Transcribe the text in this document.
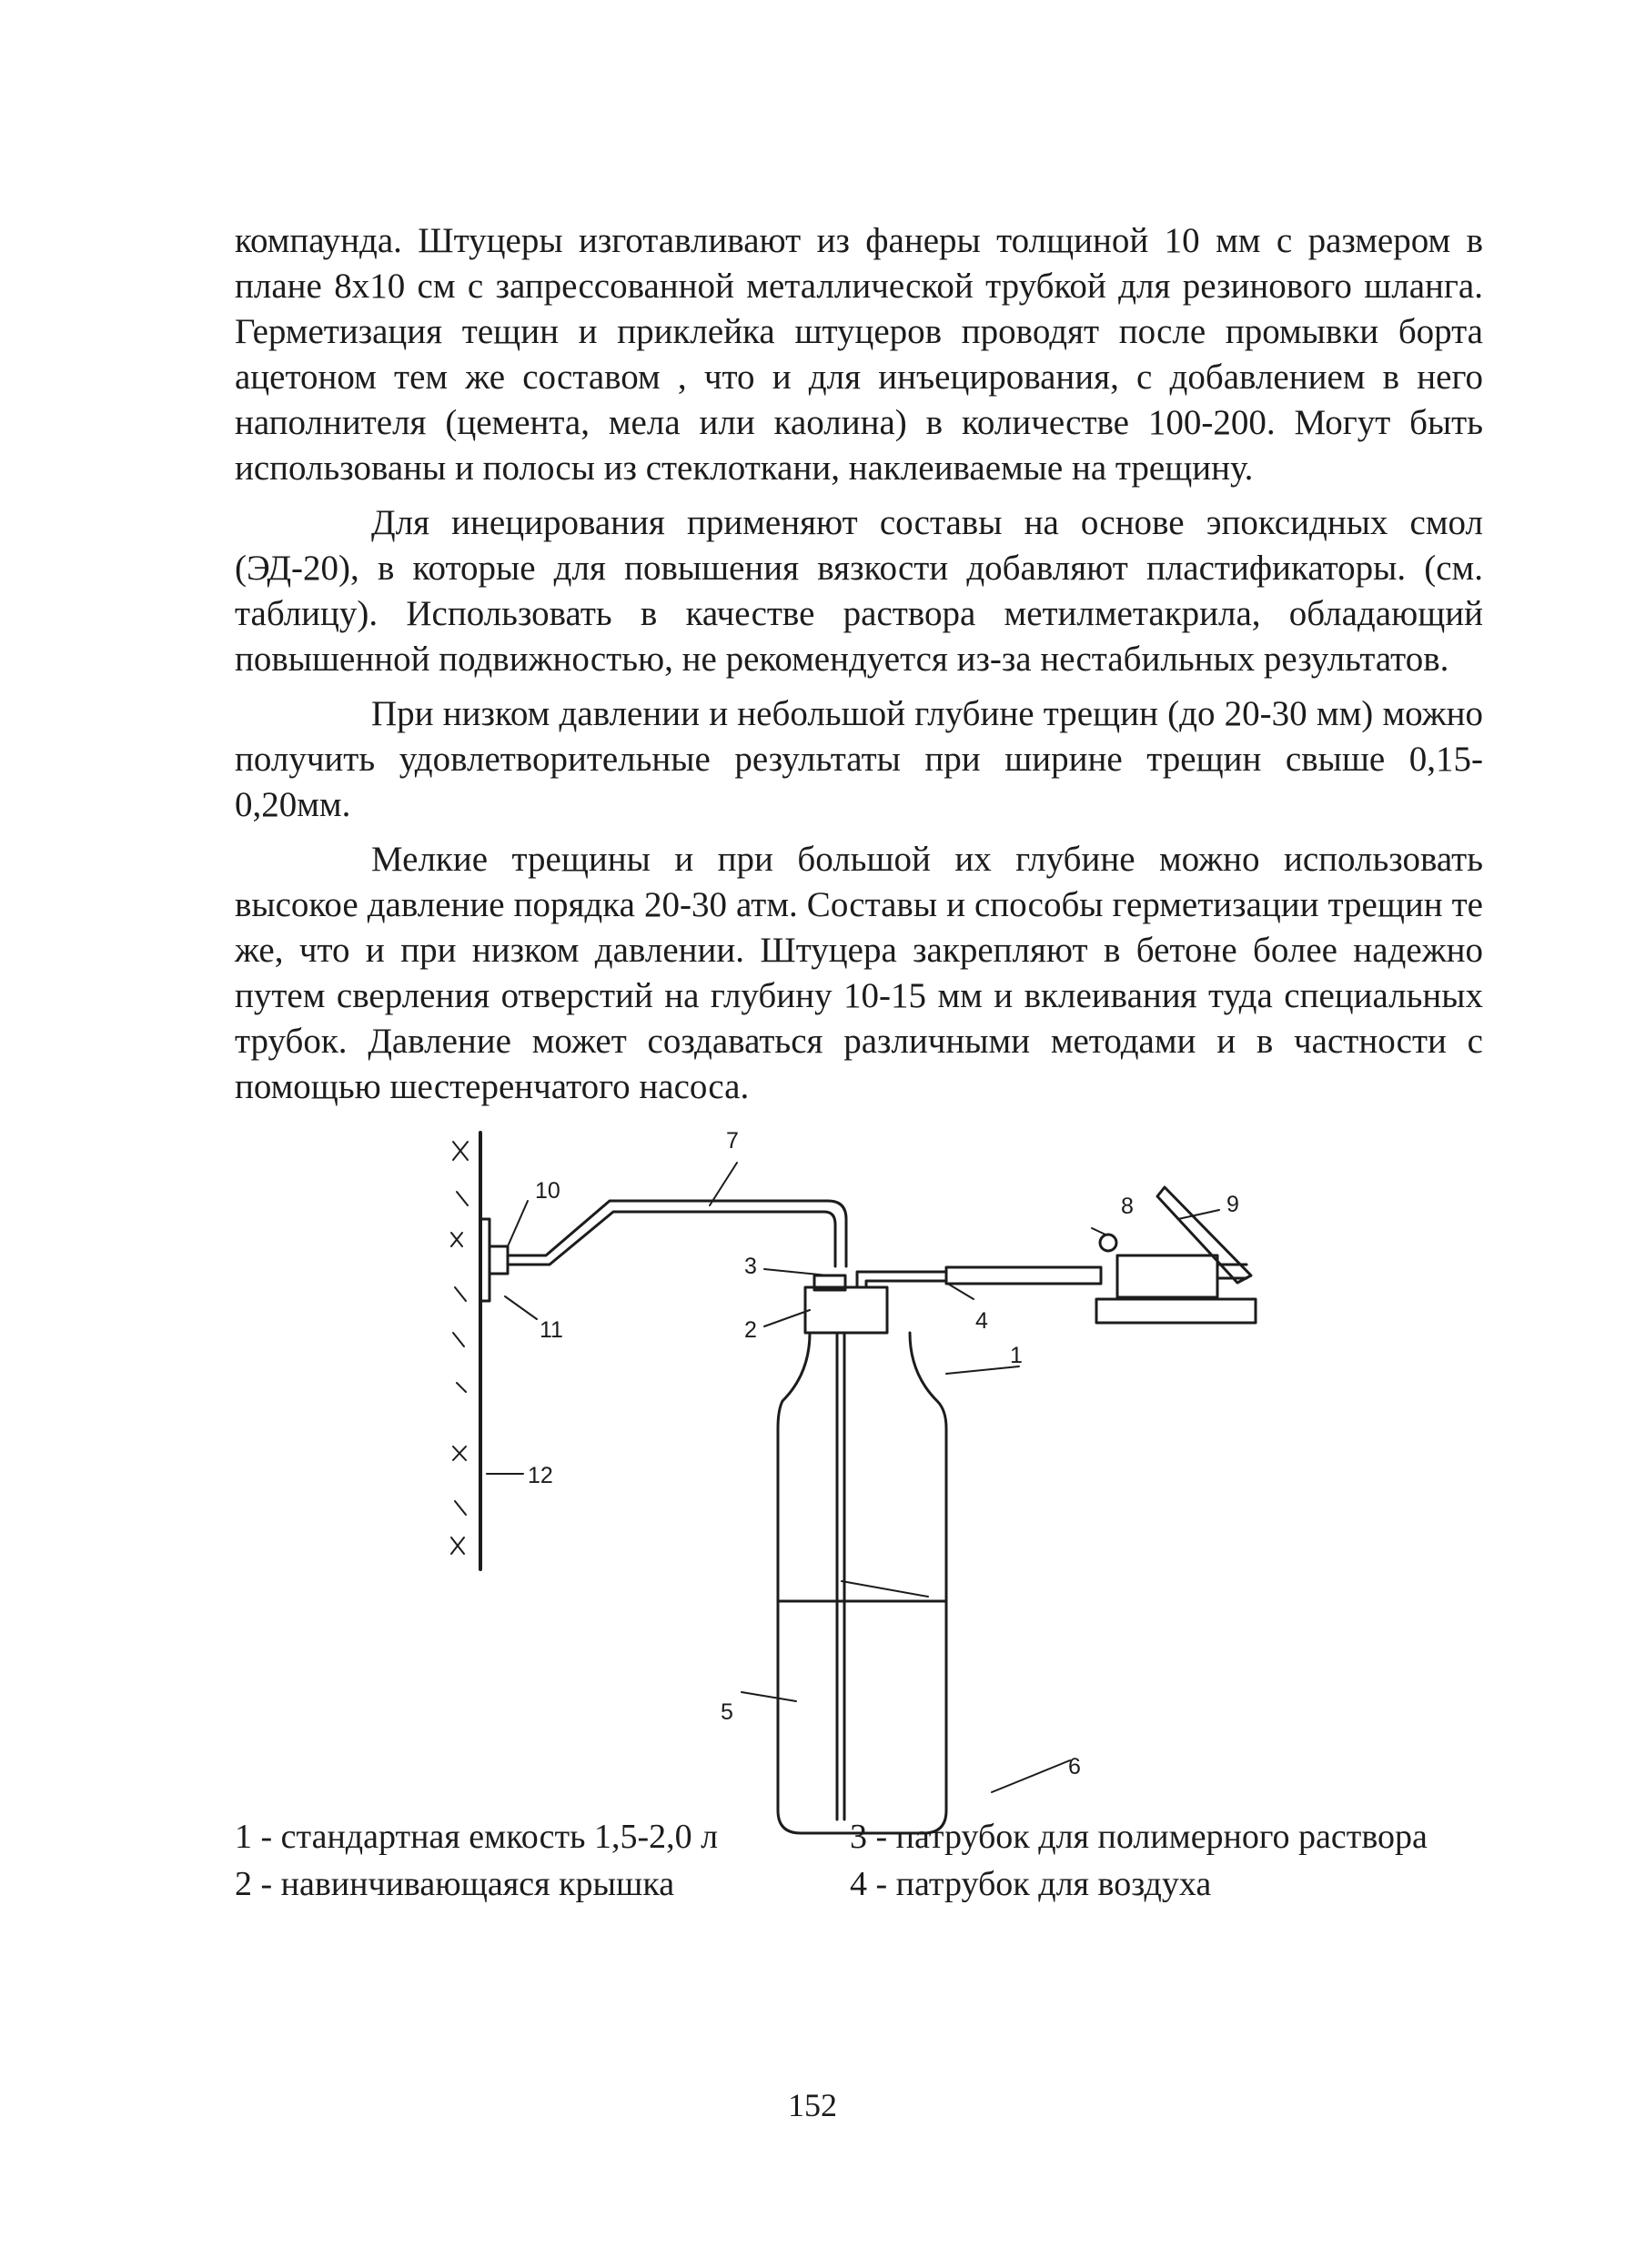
компаунда. Штуцеры изготавливают из фанеры толщиной 10 мм с размером в плане 8х10 см с запрессованной металлической трубкой для резинового шланга. Герметизация тещин и приклейка штуцеров проводят после промывки борта ацетоном тем же составом , что и для инъецирования, с добавлением в него наполнителя (цемента, мела или каолина) в количестве 100-200. Могут быть использованы и полосы из стеклоткани, наклеиваемые на трещину.

Для инецирования применяют составы на основе эпоксидных смол (ЭД-20), в которые для повышения вязкости добавляют пластификаторы. (см. таблицу). Использовать в качестве раствора метилметакрила, обладающий повышенной подвижностью, не рекомендуется из-за нестабильных результатов.

При низком давлении и небольшой глубине трещин (до 20-30 мм) можно получить удовлетворительные результаты при ширине трещин свыше 0,15-0,20мм.

Мелкие трещины и при большой их глубине можно использовать высокое давление порядка 20-30 атм. Составы и способы герметизации трещин те же, что и при низком давлении. Штуцера закрепляют в бетоне более надежно путем сверления отверстий на глубину 10-15 мм и вклеивания туда специальных трубок. Давление может создаваться различными методами и в частности с помощью шестеренчатого насоса.

7
8	9
10
11
12
3
2	4
1
5
6
1 - стандартная емкость 1,5-2,0 л
2 - навинчивающаяся крышка
3 - патрубок для полимерного раствора
4 - патрубок для воздуха
152
